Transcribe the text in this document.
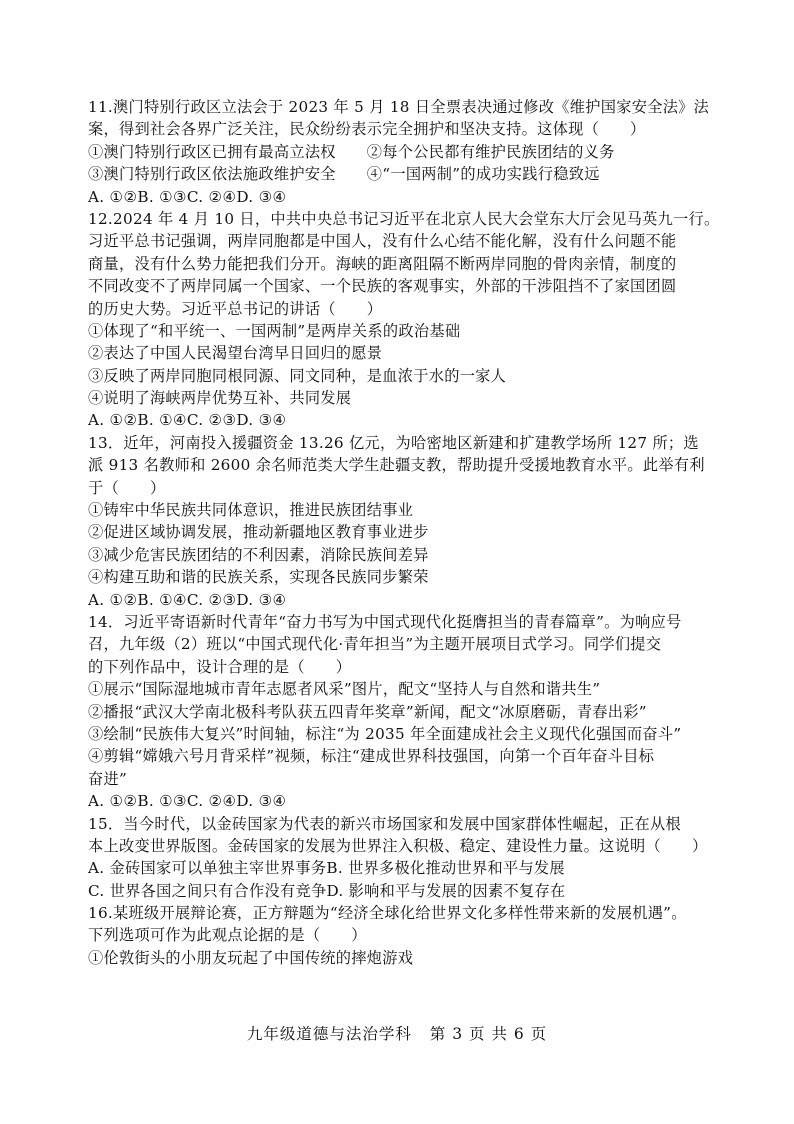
11.澳门特别行政区立法会于 2023 年 5 月 18 日全票表决通过修改《维护国家安全法》法
案，得到社会各界广泛关注，民众纷纷表示完全拥护和坚决支持。这体现（　　）
①澳门特别行政区已拥有最高立法权　　②每个公民都有维护民族团结的义务
③澳门特别行政区依法施政维护安全　　④“一国两制”的成功实践行稳致远
A. ①② B. ①③ C. ②④ D. ③④
12.2024 年 4 月 10 日，中共中央总书记习近平在北京人民大会堂东大厅会见马英九一行。
习近平总书记强调，两岸同胞都是中国人，没有什么心结不能化解，没有什么问题不能
商量，没有什么势力能把我们分开。海峡的距离阻隔不断两岸同胞的骨肉亲情，制度的
不同改变不了两岸同属一个国家、一个民族的客观事实，外部的干涉阻挡不了家国团圆
的历史大势。习近平总书记的讲话（　　）
①体现了“和平统一、一国两制”是两岸关系的政治基础
②表达了中国人民渴望台湾早日回归的愿景
③反映了两岸同胞同根同源、同文同种，是血浓于水的一家人
④说明了海峡两岸优势互补、共同发展
A. ①② B. ①④ C. ②③ D. ③④
13．近年，河南投入援疆资金 13.26 亿元，为哈密地区新建和扩建教学场所 127 所；选
派 913 名教师和 2600 余名师范类大学生赴疆支教，帮助提升受援地教育水平。此举有利
于（　　）
①铸牢中华民族共同体意识，推进民族团结事业
②促进区域协调发展，推动新疆地区教育事业进步
③减少危害民族团结的不利因素，消除民族间差异
④构建互助和谐的民族关系，实现各民族同步繁荣
A. ①② B. ①④ C. ②③ D. ③④
14．习近平寄语新时代青年“奋力书写为中国式现代化挺膺担当的青春篇章”。为响应号
召，九年级（2）班以“中国式现代化·青年担当”为主题开展项目式学习。同学们提交
的下列作品中，设计合理的是（　　）
①展示“国际湿地城市青年志愿者风采”图片，配文“坚持人与自然和谐共生”
②播报“武汉大学南北极科考队获五四青年奖章”新闻，配文“冰原磨砺，青春出彩”
③绘制“民族伟大复兴”时间轴，标注“为 2035 年全面建成社会主义现代化强国而奋斗”
④剪辑“嫦娥六号月背采样”视频，标注“建成世界科技强国，向第一个百年奋斗目标
奋进”
A. ①② B. ①③ C. ②④ D. ③④
15．当今时代，以金砖国家为代表的新兴市场国家和发展中国家群体性崛起，正在从根
本上改变世界版图。金砖国家的发展为世界注入积极、稳定、建设性力量。这说明（　　）
A. 金砖国家可以单独主宰世界事务 B. 世界多极化推动世界和平与发展
C. 世界各国之间只有合作没有竞争 D. 影响和平与发展的因素不复存在
16.某班级开展辩论赛，正方辩题为“经济全球化给世界文化多样性带来新的发展机遇”。
下列选项可作为此观点论据的是（　　）
①伦敦街头的小朋友玩起了中国传统的摔炮游戏
九年级道德与法治学科 第 3 页 共 6 页
